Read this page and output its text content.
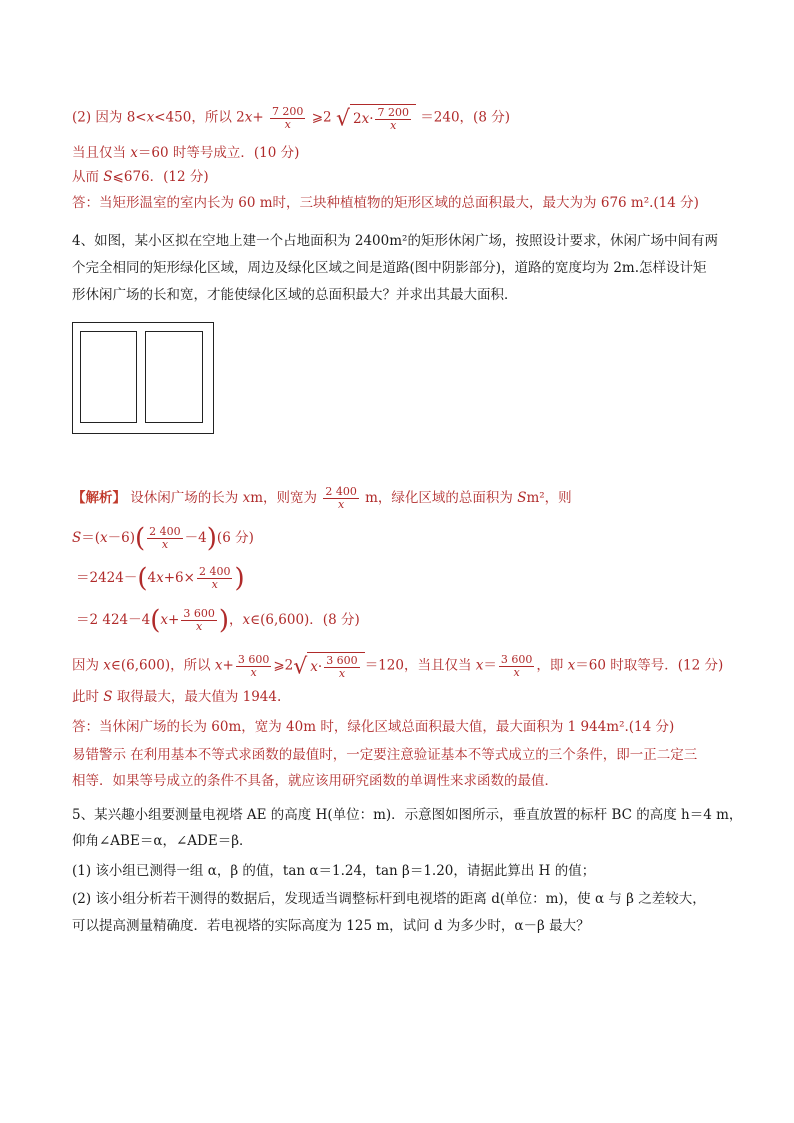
(2) 因为 8<x<450，所以 $2x+ \frac{7 200}{x}$ ⩾2 √ $2x\cdot \frac{7 200}{x} =240$，(8 分)
当且仅当 x＝60 时等号成立．(10 分)
从而 S⩽676．(12 分)
答：当矩形温室的室内长为 60 m时，三块种植植物的矩形区域的总面积最大，最大为为 676 m².(14 分)
4、如图，某小区拟在空地上建一个占地面积为 2400m²的矩形休闲广场，按照设计要求，休闲广场中间有两
个完全相同的矩形绿化区域，周边及绿化区域之间是道路(图中阴影部分)，道路的宽度均为 2m.怎样设计矩
形休闲广场的长和宽，才能使绿化区域的总面积最大？并求出其最大面积．
【解析】 设休闲广场的长为 xm，则宽为 $\frac{2 400}{x}$ m，绿化区域的总面积为 Sm²，则
$S=(x-6)( \frac{2 400}{x} -4)(6$ 分)
$=2424-(4x+6\times \frac{2 400}{x}$ )
＝2 $424-4(x+ \frac{3 600}{x}$ )，x∈(6,600)．(8 分)
因为 x∈(6,600)，所以 $x+ \frac{3 600}{x}$ ⩾2√ $x\cdot \frac{3 600}{x} =120$，当且仅当 $x= \frac{3 600}{x}$ ，即 x＝60 时取等号．(12 分)
此时 S 取得最大，最大值为 1944.
答：当休闲广场的长为 60m，宽为 40m 时，绿化区域总面积最大值，最大面积为 1 944m².(14 分)
易错警示 在利用基本不等式求函数的最值时，一定要注意验证基本不等式成立的三个条件，即一正二定三
相等．如果等号成立的条件不具备，就应该用研究函数的单调性来求函数的最值．
5、某兴趣小组要测量电视塔 AE 的高度 H(单位：m)．示意图如图所示，垂直放置的标杆 BC 的高度 h＝4 m，
仰角∠ABE＝α，∠ADE＝β．
(1) 该小组已测得一组 α，β 的值，tan α＝1.24，tan β＝1.20，请据此算出 H 的值；
(2) 该小组分析若干测得的数据后，发现适当调整标杆到电视塔的距离 d(单位：m)，使 α 与 β 之差较大，
可以提高测量精确度．若电视塔的实际高度为 125 m，试问 d 为多少时，α－β 最大？
